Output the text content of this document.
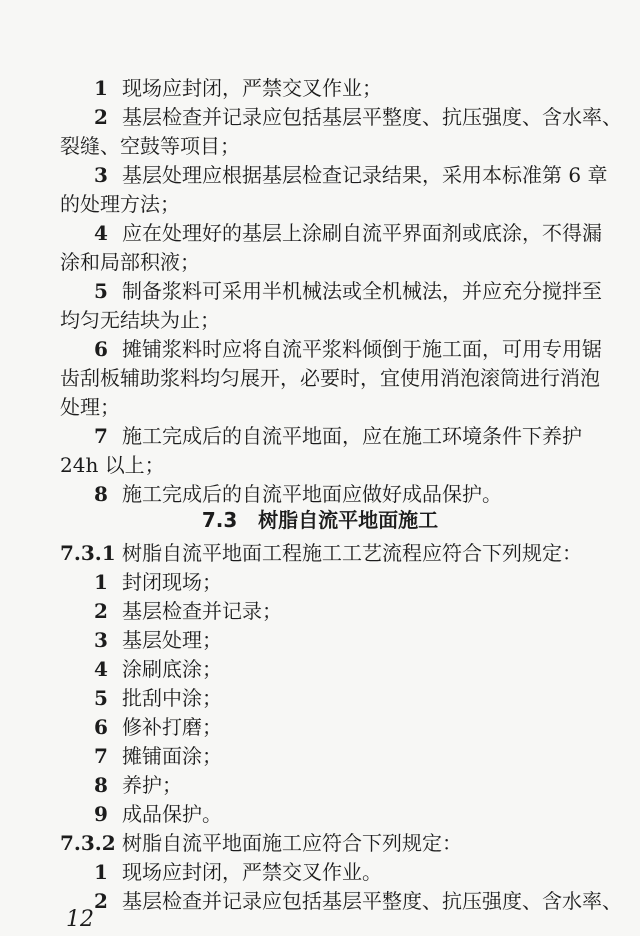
1 现场应封闭，严禁交叉作业；
2 基层检查并记录应包括基层平整度、抗压强度、含水率、
裂缝、空鼓等项目；
3 基层处理应根据基层检查记录结果，采用本标准第 6 章
的处理方法；
4 应在处理好的基层上涂刷自流平界面剂或底涂，不得漏
涂和局部积液；
5 制备浆料可采用半机械法或全机械法，并应充分搅拌至
均匀无结块为止；
6 摊铺浆料时应将自流平浆料倾倒于施工面，可用专用锯
齿刮板辅助浆料均匀展开，必要时，宜使用消泡滚筒进行消泡
处理；
7 施工完成后的自流平地面，应在施工环境条件下养护
24h 以上；
8 施工完成后的自流平地面应做好成品保护。
7.3.1 树脂自流平地面工程施工工艺流程应符合下列规定：
1 封闭现场；
2 基层检查并记录；
3 基层处理；
4 涂刷底涂；
5 批刮中涂；
6 修补打磨；
7 摊铺面涂；
8 养护；
9 成品保护。
7.3.2 树脂自流平地面施工应符合下列规定：
1 现场应封闭，严禁交叉作业。
2 基层检查并记录应包括基层平整度、抗压强度、含水率、
7.3 树脂自流平地面施工
12
